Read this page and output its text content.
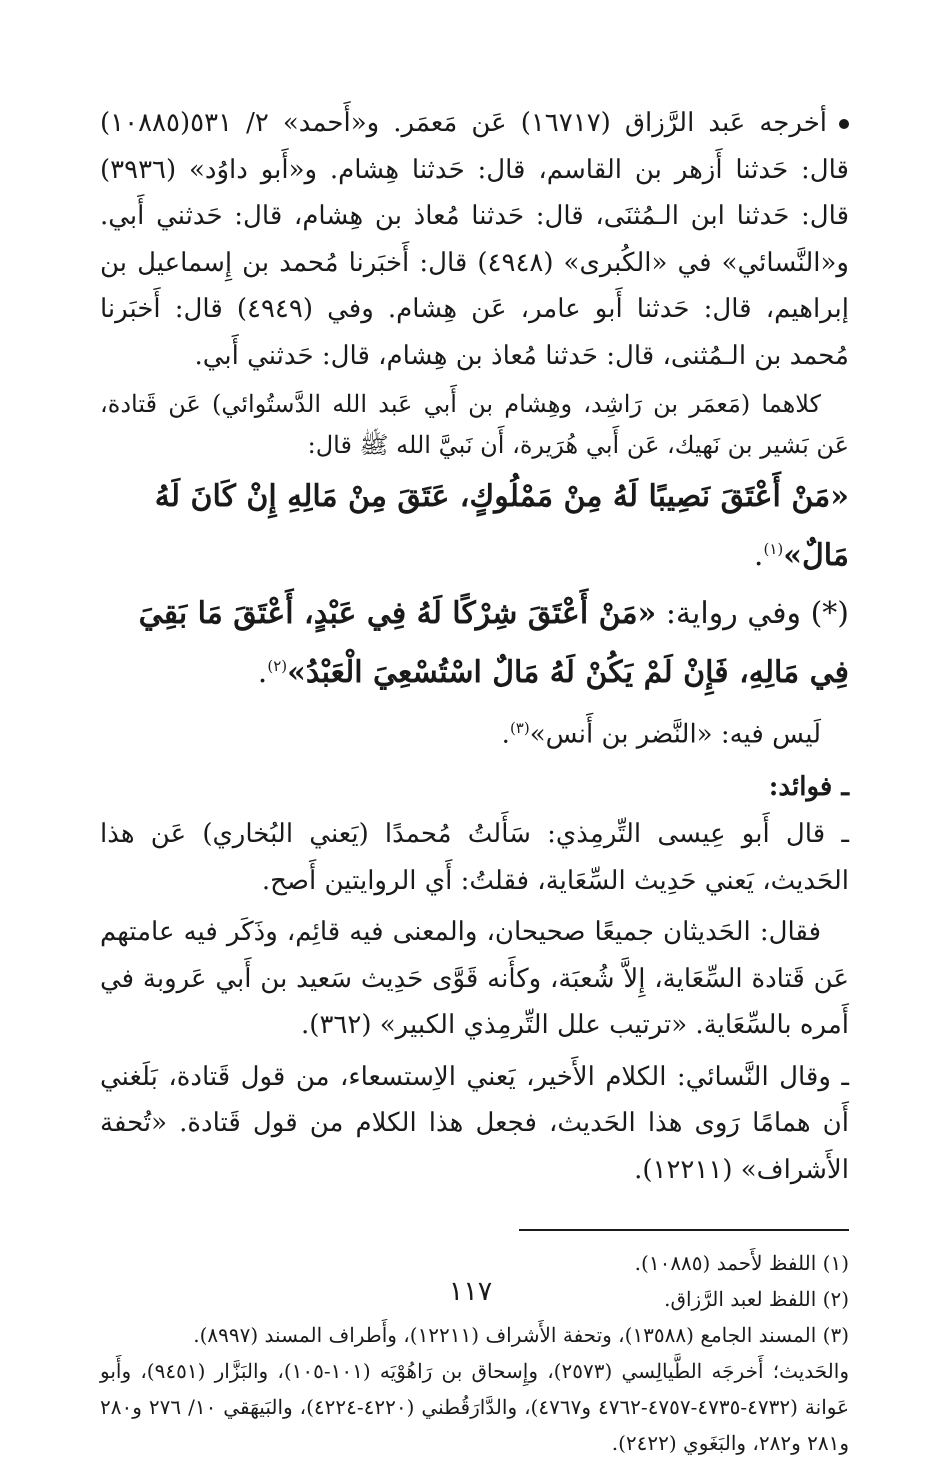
أخرجه عَبد الرَّزاق (١٦٧١٧) عَن مَعمَر. و«أَحمد» ٢/ ٥٣١(١٠٨٨٥) قال: حَدثنا أَزهر بن القاسم، قال: حَدثنا هِشام. و«أَبو داوُد» (٣٩٣٦) قال: حَدثنا ابن الـمُثنَى، قال: حَدثنا مُعاذ بن هِشام، قال: حَدثني أَبي. و«النَّسائي» في «الكُبرى» (٤٩٤٨) قال: أَخبَرنا مُحمد بن إِسماعيل بن إبراهيم، قال: حَدثنا أَبو عامر، عَن هِشام. وفي (٤٩٤٩) قال: أَخبَرنا مُحمد بن الـمُثنى، قال: حَدثنا مُعاذ بن هِشام، قال: حَدثني أَبي.

كلاهما (مَعمَر بن رَاشِد، وهِشام بن أَبي عَبد الله الدَّستُوائي) عَن قَتادة، عَن بَشير بن نَهيك، عَن أَبي هُرَيرة، أَن نَبيَّ الله ﷺ قال:

«مَنْ أَعْتَقَ نَصِيبًا لَهُ مِنْ مَمْلُوكٍ، عَتَقَ مِنْ مَالِهِ إِنْ كَانَ لَهُ مَالٌ»$^{(١)}$.

(*) وفي رواية: «مَنْ أَعْتَقَ شِرْكًا لَهُ فِي عَبْدٍ، أَعْتَقَ مَا بَقِيَ فِي مَالِهِ، فَإِنْ لَمْ يَكُنْ لَهُ مَالٌ اسْتُسْعِيَ الْعَبْدُ»$^{(٢)}$.

لَيس فيه: «النَّضر بن أَنس»$^{(٣)}$.

ـ فوائد:

ـ قال أَبو عِيسى التِّرمِذي: سَأَلتُ مُحمدًا (يَعني البُخاري) عَن هذا الحَديث، يَعني حَدِيث السِّعَاية، فقلتُ: أَي الروايتين أَصح.

فقال: الحَديثان جميعًا صحيحان، والمعنى فيه قائِم، وذَكَر فيه عامتهم عَن قَتادة السِّعَاية، إِلاَّ شُعبَة، وكأَنه قَوَّى حَدِيث سَعيد بن أَبي عَروبة في أَمره بالسِّعَاية. «ترتيب علل التِّرمِذي الكبير» (٣٦٢).

ـ وقال النَّسائي: الكلام الأَخير، يَعني الاِستسعاء، من قول قَتادة، بَلَغني أَن همامًا رَوى هذا الحَديث، فجعل هذا الكلام من قول قَتادة. «تُحفة الأَشراف» (١٢٢١١).

(١) اللفظ لأَحمد (١٠٨٨٥).

(٢) اللفظ لعبد الرَّزاق.

(٣) المسند الجامع (١٣٥٨٨)، وتحفة الأَشراف (١٢٢١١)، وأَطراف المسند (٨٩٩٧).

والحَديث؛ أَخرجَه الطَّيالِسي (٢٥٧٣)، وإِسحاق بن رَاهُوْيَه (١٠١-١٠٥)، والبَزَّار (٩٤٥١)، وأَبو عَوانة (٤٧٣٢-٤٧٣٥-٤٧٥٧-٤٧٦٢ و٤٧٦٧)، والدَّارَقُطني (٤٢٢٠-٤٢٢٤)، والبَيهَقي ١٠/ ٢٧٦ و٢٨٠ و٢٨١ و٢٨٢، والبَغَوي (٢٤٢٢).

١١٧
